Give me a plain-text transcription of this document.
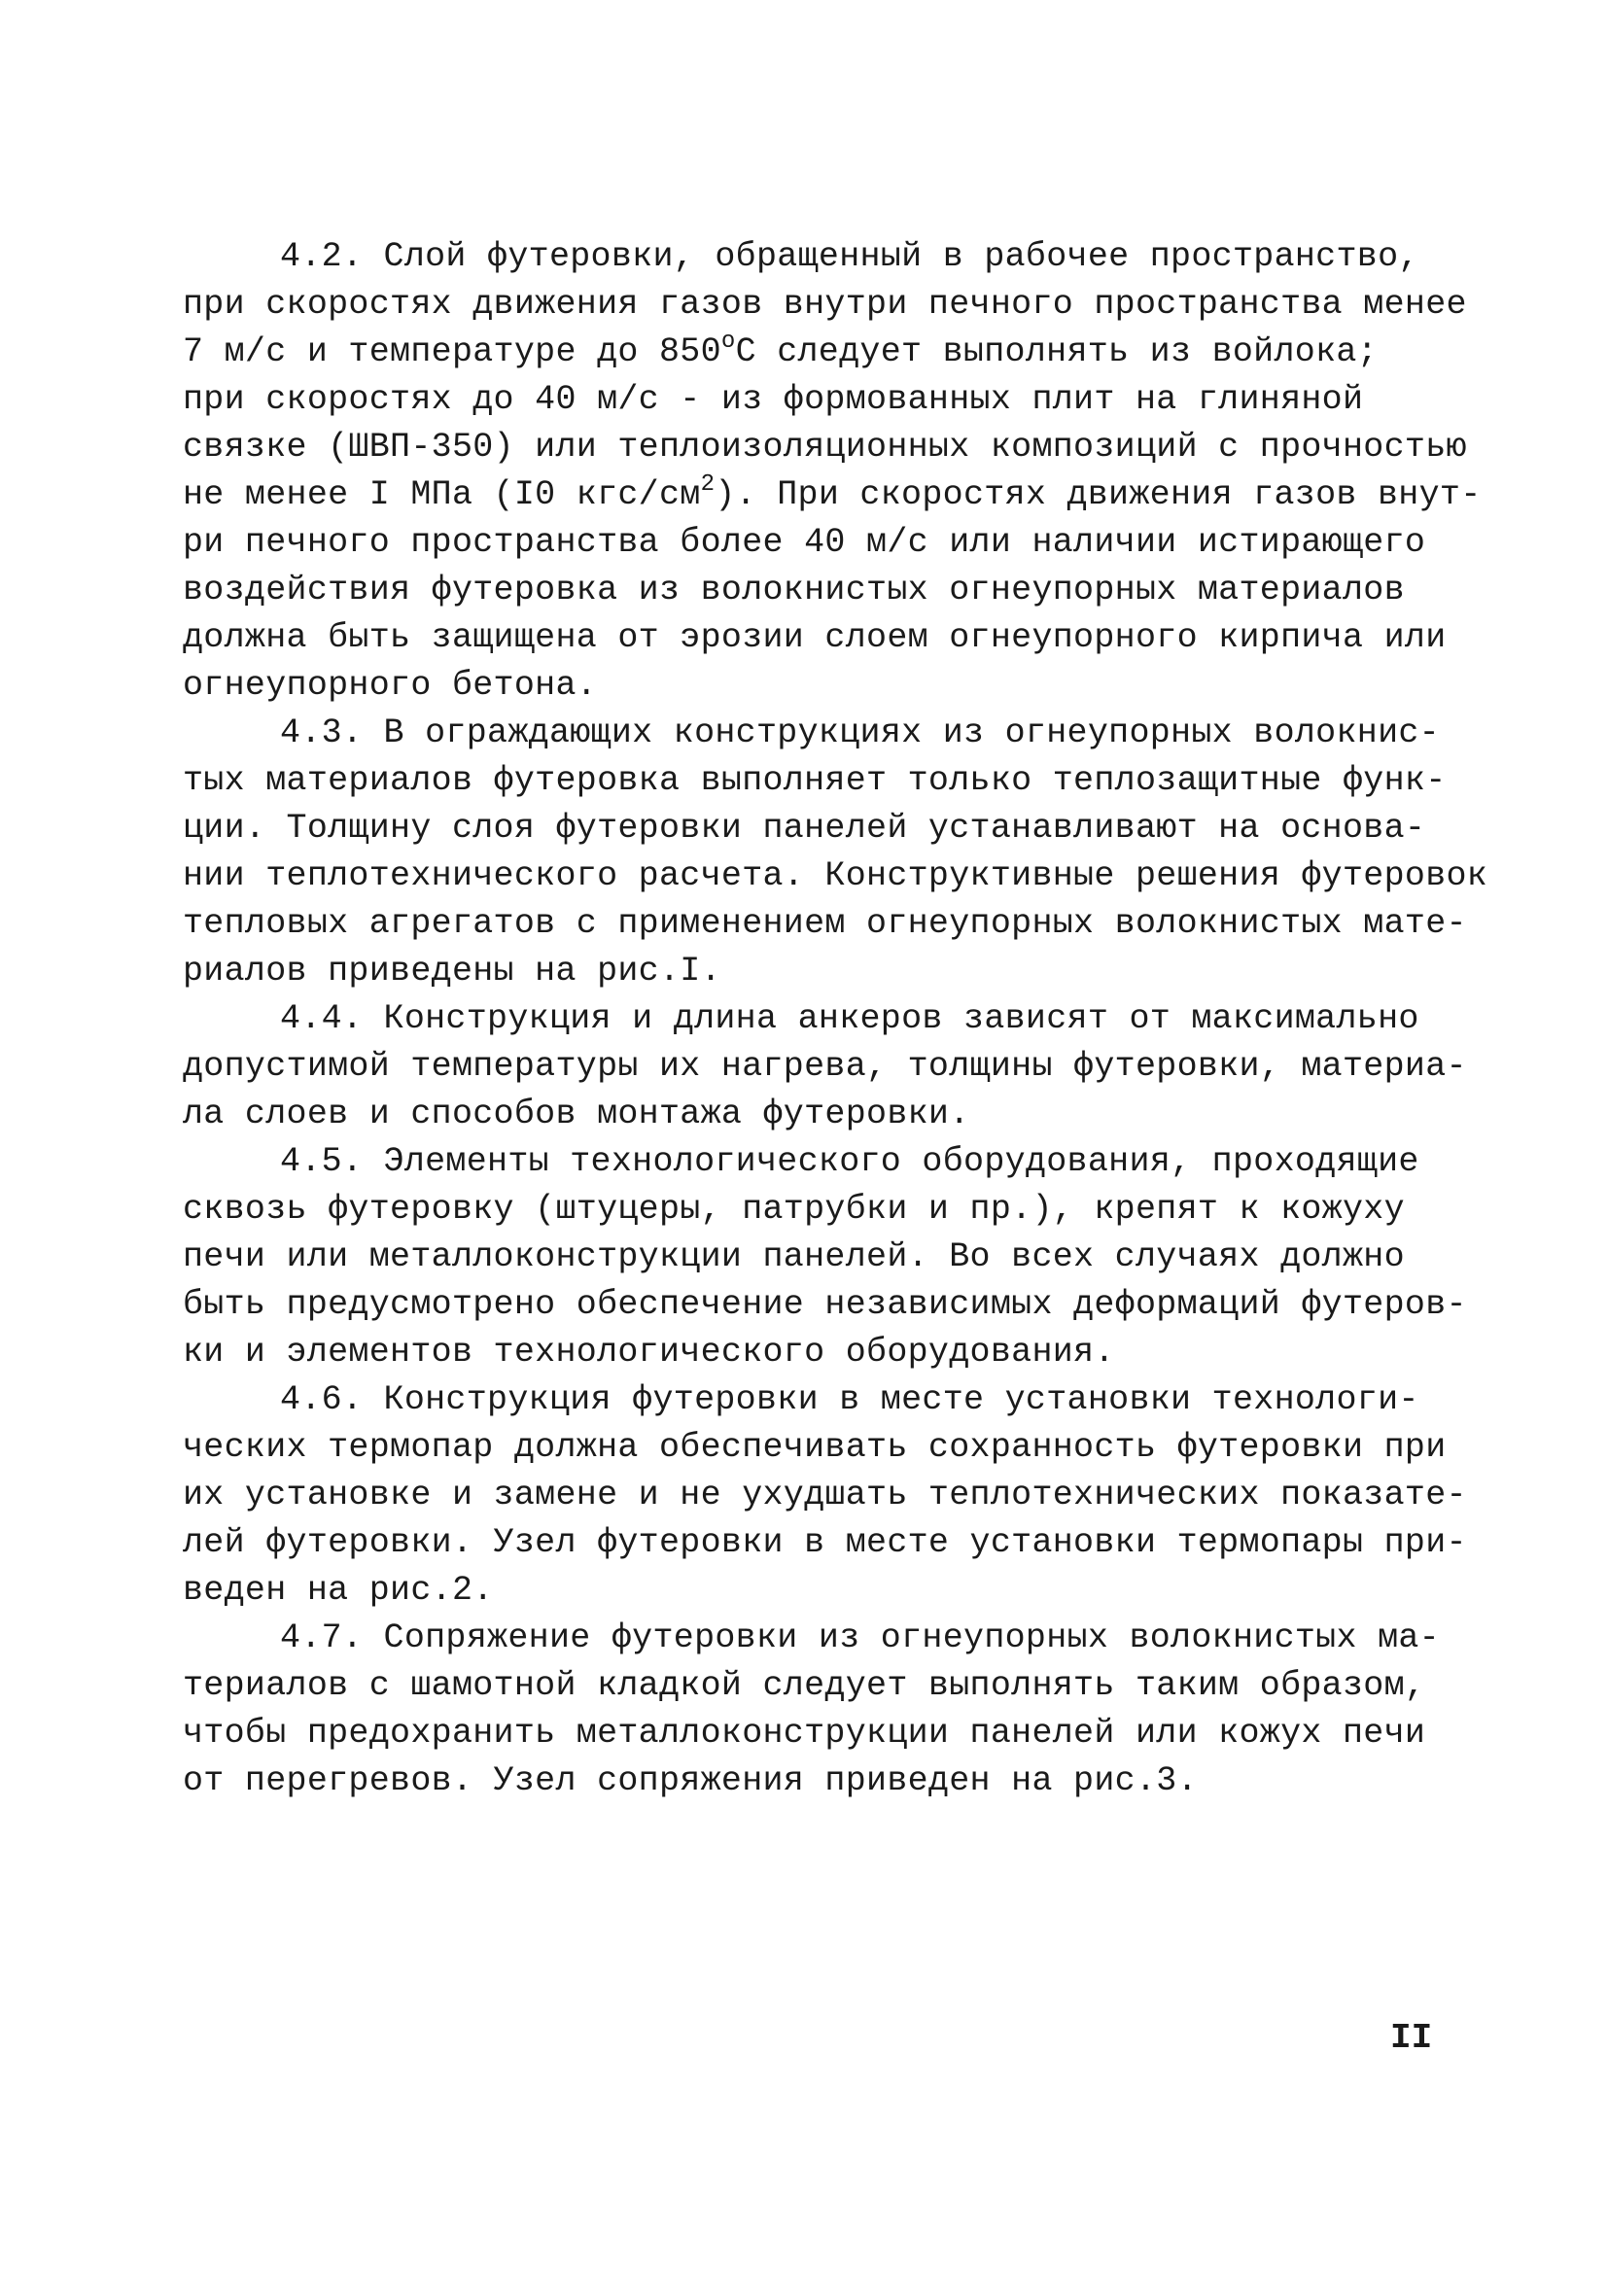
4.2. Слой футеровки, обращенный в рабочее пространство,
при скоростях движения газов внутри печного пространства менее
7 м/с и температуре до $850^оС$ следует выполнять из войлока;
при скоростях до 40 м/с - из формованных плит на глиняной
связке (ШВП-350) или теплоизоляционных композиций с прочностью
не менее I МПа (I0 кгс/$см^2$). При скоростях движения газов внут-
ри печного пространства более 40 м/с или наличии истирающего
воздействия футеровка из волокнистых огнеупорных материалов
должна быть защищена от эрозии слоем огнеупорного кирпича или
огнеупорного бетона.
4.3. В ограждающих конструкциях из огнеупорных волокнис-
тых материалов футеровка выполняет только теплозащитные функ-
ции. Толщину слоя футеровки панелей устанавливают на основа-
нии теплотехнического расчета. Конструктивные решения футеровок
тепловых агрегатов с применением огнеупорных волокнистых мате-
риалов приведены на рис.I.
4.4. Конструкция и длина анкеров зависят от максимально
допустимой температуры их нагрева, толщины футеровки, материа-
ла слоев и способов монтажа футеровки.
4.5. Элементы технологического оборудования, проходящие
сквозь футеровку (штуцеры, патрубки и пр.), крепят к кожуху
печи или металлоконструкции панелей. Во всех случаях должно
быть предусмотрено обеспечение независимых деформаций футеров-
ки и элементов технологического оборудования.
4.6. Конструкция футеровки в месте установки технологи-
ческих термопар должна обеспечивать сохранность футеровки при
их установке и замене и не ухудшать теплотехнических показате-
лей футеровки. Узел футеровки в месте установки термопары при-
веден на рис.2.
4.7. Сопряжение футеровки из огнеупорных волокнистых ма-
териалов с шамотной кладкой следует выполнять таким образом,
чтобы предохранить металлоконструкции панелей или кожух печи
от перегревов. Узел сопряжения приведен на рис.3.
II
